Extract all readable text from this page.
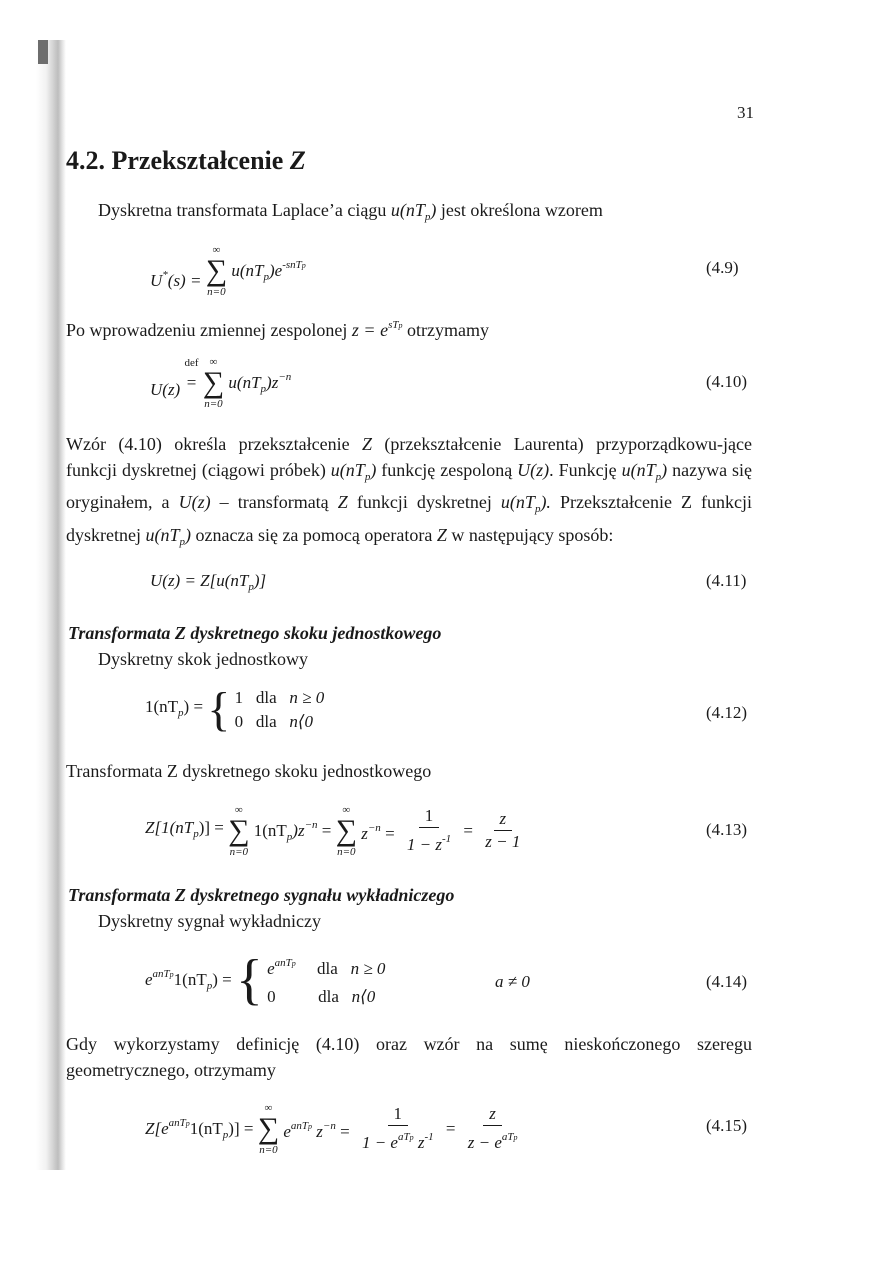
31
4.2. Przekształcenie Z
Dyskretna transformata Laplace’a ciągu $u(nT_p)$ jest określona wzorem
U*(s) =
∞
∑
n=0
$u(nT_p)e^{-snTp}$	(4.9)
Po wprowadzeniu zmiennej zespolonej $z = e^{sTp}$ otrzymamy
U(z)
def
=

∞
∑
n=0
$u(nT_p)z^{-n}$	(4.10)
Wzór (4.10) określa przekształcenie Z (przekształcenie Laurenta) przyporządkowu-jące funkcji dyskretnej (ciągowi próbek) $u(nT_p)$ funkcję zespoloną U(z). Funkcję $u(nT_p)$ nazywa się oryginałem, a U(z) – transformatą Z funkcji dyskretnej $u(nT_p)$. Przekształcenie Z funkcji dyskretnej $u(nT_p)$ oznacza się za pomocą operatora Z w następujący sposób:
$U(z) = Z[u(nT_p)]$	(4.11)
Transformata Z dyskretnego skoku jednostkowego
Dyskretny skok jednostkowy
$1(nT_p)$ = { 1 dla n ≥ 0
0 dla n⟨0	(4.12)
Transformata Z dyskretnego skoku jednostkowego
$Z[1(nT_p)]$ =
∞
∑
n=0
$1(nT_p)z^{-n}$ =
∞
∑
n=0
$z^{-n} = \frac{1}{1 - z^{-1}} = \frac{z}{z - 1}$	(4.13)
Transformata Z dyskretnego sygnału wykładniczego
Dyskretny sygnał wykładniczy
$e^{anTp}1(nT_p)$ = { $e^{anTp}$ dla n ≥ 0
0	dla n⟨0
a ≠ 0	(4.14)
Gdy wykorzystamy definicję (4.10) oraz wzór na sumę nieskończonego szeregu geometrycznego, otrzymamy
$Z[e^{anTp}1(nT_p)]$ =
∞
∑
n=0
$e^{anTp}$ $z^{-n} = \frac{1}{1 - e^{aTp} z^{-1}} = \frac{z}{z - e^{aTp}}$	(4.15)
